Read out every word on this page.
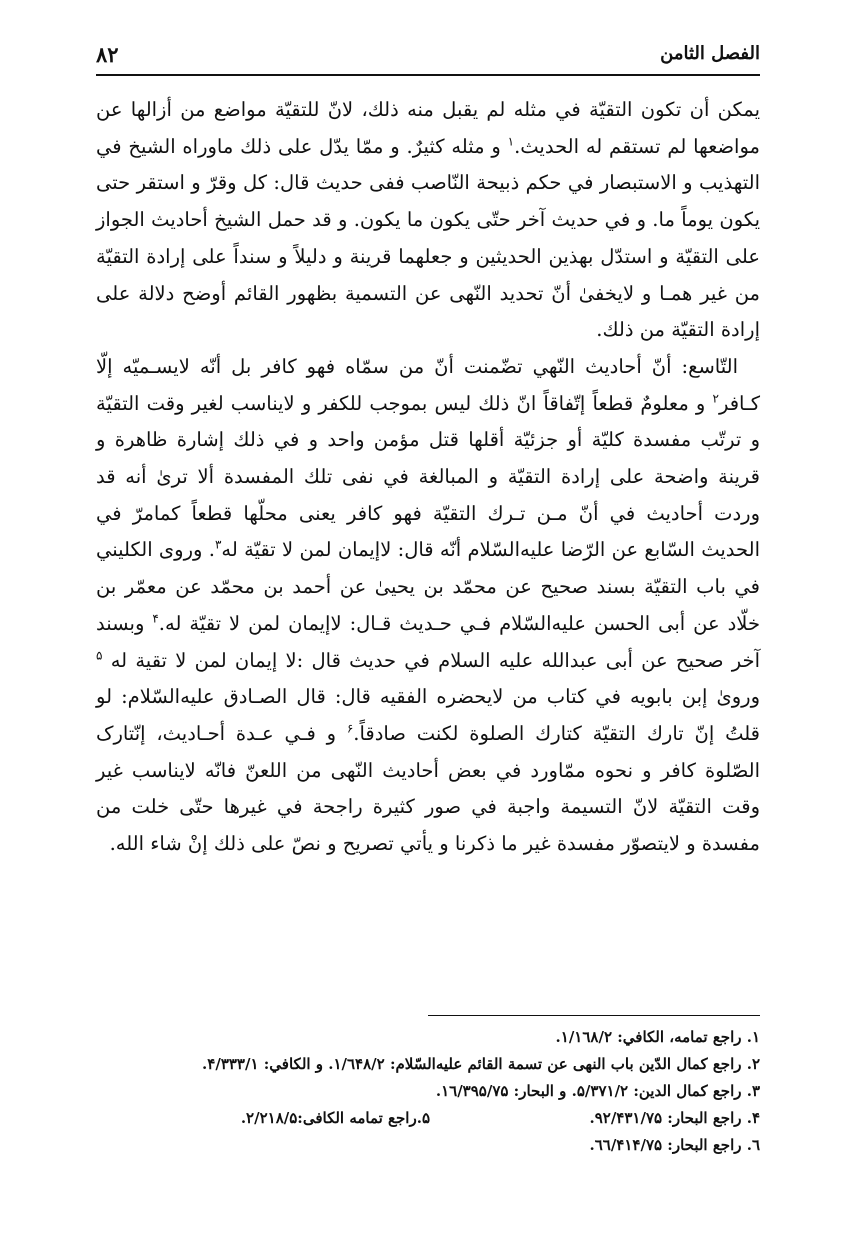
٨٢	الفصل الثامن

يمكن أن تكون التقيّة في مثله لم يقبل منه ذلك، لانّ للتقيّة مواضع من أزالها عن مواضعها لم تستقم له الحديث.$^١$ و مثله كثيرٌ. و ممّا يدّل على ذلك ماوراه الشيخ في التهذيب و الاستبصار في حكم ذبيحة النّاصب ففى حديث قال: كل وقرّ و استقر حتى يكون يوماً ما. و في حديث آخر حتّى يكون ما يكون. و قد حمل الشيخ أحاديث الجواز على التقيّة و استدّل بهذين الحديثين و جعلهما قرينة و دليلاً و سنداً على إرادة التقيّة من غير همـا و لايخفىٰ أنّ تحديد النّهى عن التسمية بظهور القائم أوضح دلالة على إرادة التقيّة من ذلك.

التّاسع: أنّ أحاديث النّهي تضّمنت أنّ من سمّاه فهو كافر بل أنّه لايسـميّه إلّا كـافر$^٢$ و معلومٌ قطعاً إتّفاقاً انّ ذلك ليس بموجب للكفر و لايناسب لغير وقت التقيّة و ترتّب مفسدة كليّة أو جزئيّة أقلها قتل مؤمن واحد و في ذلك إشارة ظاهرة و قرينة واضحة على إرادة التقيّة و المبالغة في نفى تلك المفسدة ألا ترىٰ أنه قد وردت أحاديث في أنّ مـن تـرك التقيّة فهو كافر يعنى محلّها قطعاً كمامرّ في الحديث السّابع عن الرّضا عليه‌السّلام أنّه قال: لاإيمان لمن لا تقيّة له$^٣$. وروى الكليني في باب التقيّة بسند صحيح عن محمّد بن يحيىٰ عن أحمد بن محمّد عن معمّر بن خلّاد عن أبى الحسن عليه‌السّلام فـي حـديث قـال: لاإيمان لمن لا تقيّة له.$^۴$ وبسند آخر صحيح عن أبى عبدالله عليه السلام في حديث قال :لا إيمان لمن لا تقية له $^۵$ ورویٰ إبن بابويه في كتاب من لايحضره الفقيه قال: قال الصـادق عليه‌السّلام: لو قلتُ إنّ تارك التقيّة كتارك الصلوة لكنت صادقاً.$^۶$ و فـي عـدة أحـاديث، إنّتارک الصّلوة کافر و نحوه ممّاورد في بعض أحاديث النّهى من اللعنّ فانّه لايناسب غير وقت التقيّة لانّ التسيمة واجبة في صور كثيرة راجحة في غيرها حتّى خلت من مفسدة و لايتصوّر مفسدة غير ما ذكرنا و يأتي تصريح و نصّ على ذلك إنْ شاء الله.

١. راجع تمامه، الكافي: ١/١٦٨/٢.
٢. راجع كمال الدّين باب النهى عن تسمة القائم عليه‌السّلام: ١/٦۴٨/٢. و الكافي: ۴/٣٣٣/١.
٣. راجع كمال الدين: ۵/٣٧١/٢. و البحار: ١٦/٣٩۵/٧۵.
۴. راجع البحار: ٩٢/۴٣١/٧۵.
۵.راجع تمامه الكافى:٢/٢١٨/۵.
٦. راجع البحار: ٦٦/۴١۴/٧۵.
